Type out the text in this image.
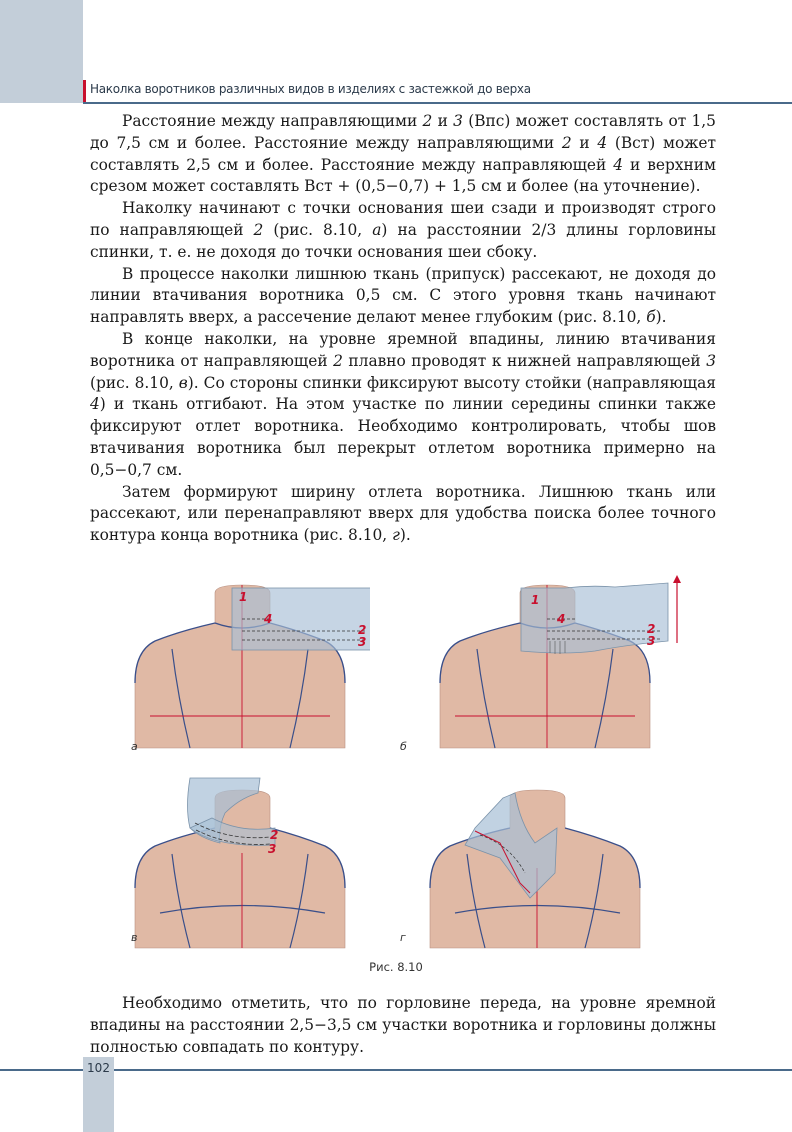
Наколка воротников различных видов в изделиях с застежкой до верха

Расстояние между направляющими 2 и 3 (Впс) может составлять от 1,5 до 7,5 см и более. Расстояние между направляющими 2 и 4 (Вст) может составлять 2,5 см и более. Расстояние между направляющей 4 и верхним срезом может составлять Вст + (0,5−0,7) + 1,5 см и более (на уточнение).

Наколку начинают с точки основания шеи сзади и производят строго по направляющей 2 (рис. 8.10, а) на расстоянии 2/3 длины горловины спинки, т. е. не доходя до точки основания шеи сбоку.

В процессе наколки лишнюю ткань (припуск) рассекают, не доходя до линии втачивания воротника 0,5 см. С этого уровня ткань начинают направлять вверх, а рассечение делают менее глубоким (рис. 8.10, б).

В конце наколки, на уровне яремной впадины, линию втачивания воротника от направляющей 2 плавно проводят к нижней направляющей 3 (рис. 8.10, в). Со стороны спинки фиксируют высоту стойки (направляющая 4) и ткань отгибают. На этом участке по линии середины спинки также фиксируют отлет воротника. Необходимо контролировать, чтобы шов втачивания воротника был перекрыт отлетом воротника примерно на 0,5−0,7 см.

Затем формируют ширину отлета воротника. Лишнюю ткань или рассекают, или перенаправляют вверх для удобства поиска более точного контура конца воротника (рис. 8.10, г).

1
4
2
3
а
1
4
2
3
б
2
3
в	г
Рис. 8.10

Необходимо отметить, что по горловине переда, на уровне яремной впадины на расстоянии 2,5−3,5 см участки воротника и горловины должны полностью совпадать по контуру.

102
